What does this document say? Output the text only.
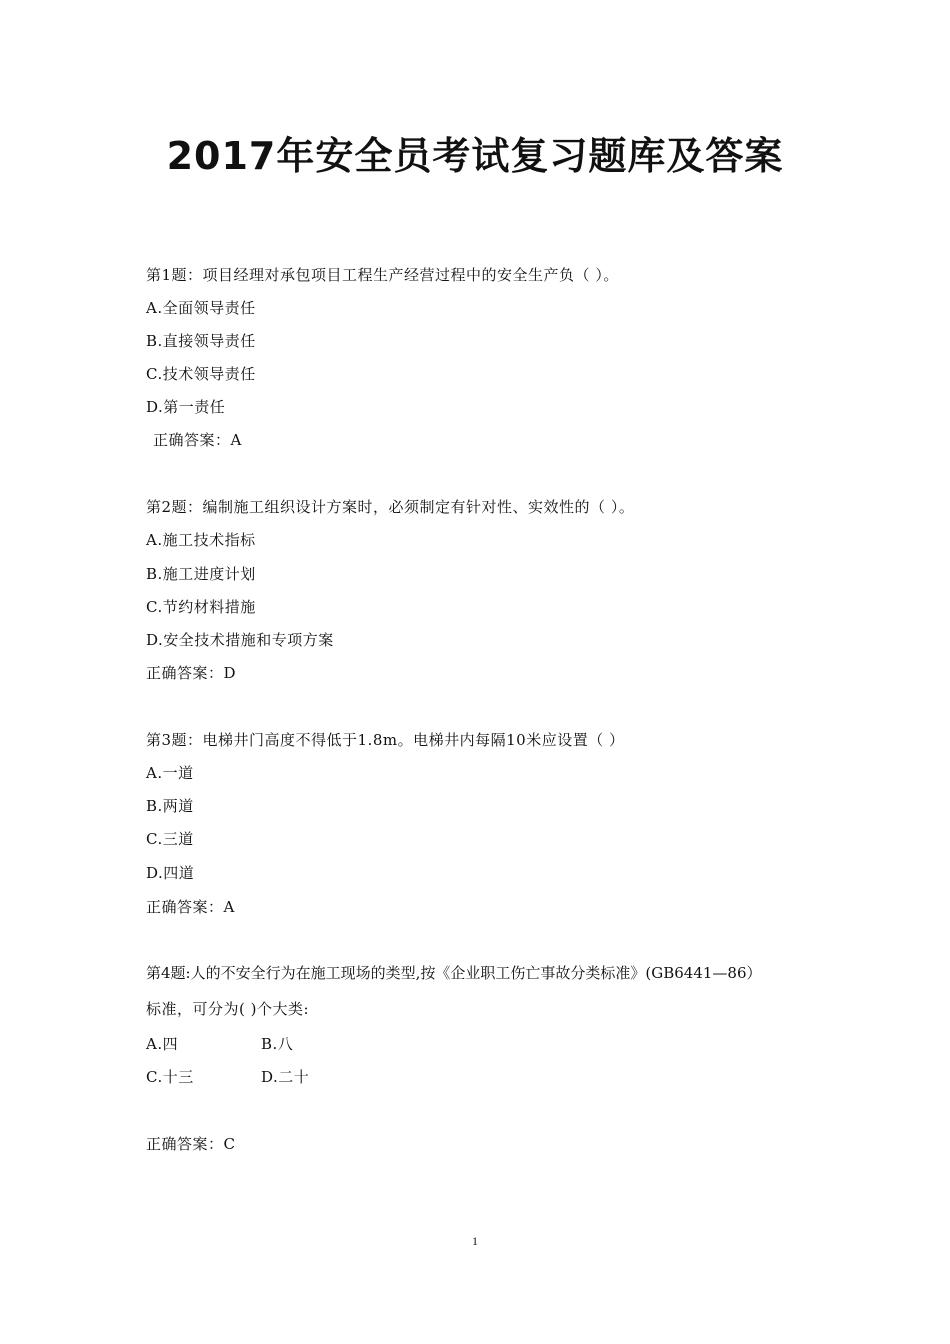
2017年安全员考试复习题库及答案
第1题：项目经理对承包项目工程生产经营过程中的安全生产负（ ）。
A.全面领导责任
B.直接领导责任
C.技术领导责任
D.第一责任
正确答案：A
第2题：编制施工组织设计方案时，必须制定有针对性、实效性的（ ）。
A.施工技术指标
B.施工进度计划
C.节约材料措施
D.安全技术措施和专项方案
正确答案：D
第3题：电梯井门高度不得低于1.8m。电梯井内每隔10米应设置（ ）
A.一道
B.两道
C.三道
D.四道
正确答案：A
第4题:人的不安全行为在施工现场的类型,按《企业职工伤亡事故分类标准》(GB6441—86）
标准，可分为( )个大类:
A.四	B.八
C.十三	D.二十
正确答案：C
1
